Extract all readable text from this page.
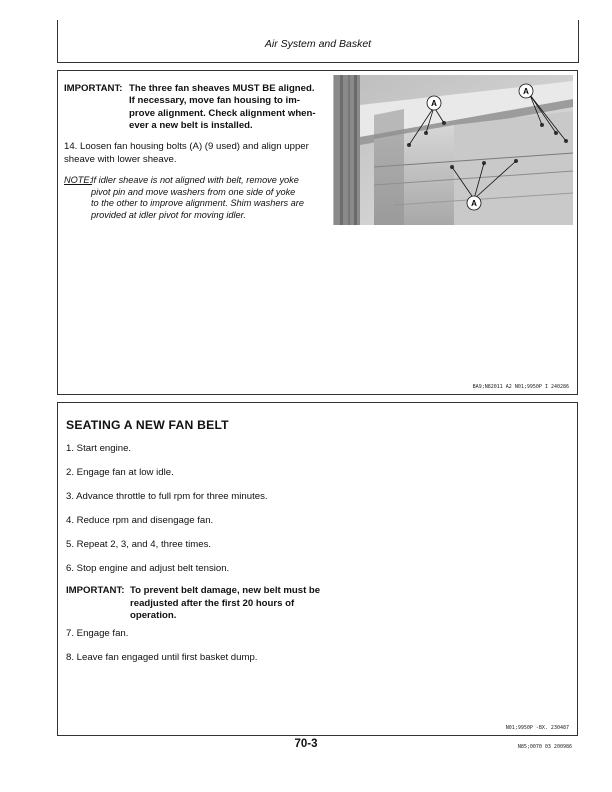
Air System and Basket
IMPORTANT: The three fan sheaves MUST BE aligned.
If necessary, move fan housing to im-
prove alignment. Check alignment when-
ever a new belt is installed.
14. Loosen fan housing bolts (A) (9 used) and align upper sheave with lower sheave.
NOTE:
If idler sheave is not aligned with belt, remove yoke
pivot pin and move washers from one side of yoke
to the other to improve alignment. Shim washers are
provided at idler pivot for moving idler.
A
A
A
BA9;N82011 A2 N01;9950P I 240286
SEATING A NEW FAN BELT
1. Start engine.
2. Engage fan at low idle.
3. Advance throttle to full rpm for three minutes.
4. Reduce rpm and disengage fan.
5. Repeat 2, 3, and 4, three times.
6. Stop engine and adjust belt tension.
IMPORTANT: To prevent belt damage, new belt must be
readjusted after the first 20 hours of
operation.
7. Engage fan.
8. Leave fan engaged until first basket dump.
N01;9950P -BX. 230487
70-3	N85;0070 03 200986
